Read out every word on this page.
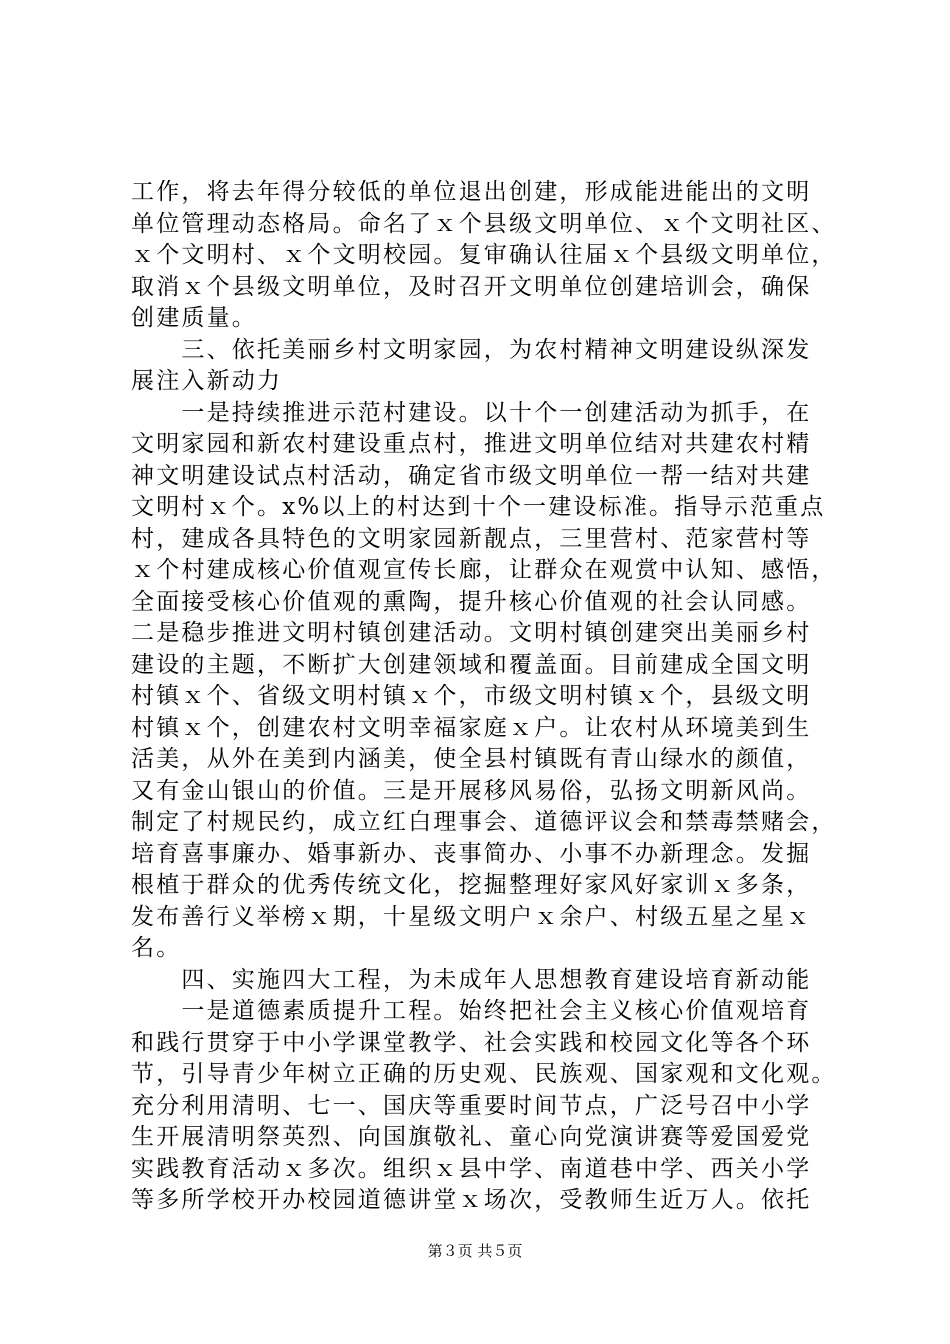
工作，将去年得分较低的单位退出创建，形成能进能出的文明
单位管理动态格局。命名了ｘ个县级文明单位、ｘ个文明社区、
ｘ个文明村、ｘ个文明校园。复审确认往届ｘ个县级文明单位，
取消ｘ个县级文明单位，及时召开文明单位创建培训会，确保
创建质量。
　　三、依托美丽乡村文明家园，为农村精神文明建设纵深发
展注入新动力
　　一是持续推进示范村建设。以十个一创建活动为抓手，在
文明家园和新农村建设重点村，推进文明单位结对共建农村精
神文明建设试点村活动，确定省市级文明单位一帮一结对共建
文明村ｘ个。x%以上的村达到十个一建设标准。指导示范重点
村，建成各具特色的文明家园新靓点，三里营村、范家营村等
ｘ个村建成核心价值观宣传长廊，让群众在观赏中认知、感悟，
全面接受核心价值观的熏陶，提升核心价值观的社会认同感。
二是稳步推进文明村镇创建活动。文明村镇创建突出美丽乡村
建设的主题，不断扩大创建领域和覆盖面。目前建成全国文明
村镇ｘ个、省级文明村镇ｘ个，市级文明村镇ｘ个，县级文明
村镇ｘ个，创建农村文明幸福家庭ｘ户。让农村从环境美到生
活美，从外在美到内涵美，使全县村镇既有青山绿水的颜值，
又有金山银山的价值。三是开展移风易俗，弘扬文明新风尚。
制定了村规民约，成立红白理事会、道德评议会和禁毒禁赌会，
培育喜事廉办、婚事新办、丧事简办、小事不办新理念。发掘
根植于群众的优秀传统文化，挖掘整理好家风好家训ｘ多条，
发布善行义举榜ｘ期，十星级文明户ｘ余户、村级五星之星ｘ
名。
　　四、实施四大工程，为未成年人思想教育建设培育新动能
　　一是道德素质提升工程。始终把社会主义核心价值观培育
和践行贯穿于中小学课堂教学、社会实践和校园文化等各个环
节，引导青少年树立正确的历史观、民族观、国家观和文化观。
充分利用清明、七一、国庆等重要时间节点，广泛号召中小学
生开展清明祭英烈、向国旗敬礼、童心向党演讲赛等爱国爱党
实践教育活动ｘ多次。组织ｘ县中学、南道巷中学、西关小学
等多所学校开办校园道德讲堂ｘ场次，受教师生近万人。依托
第３页 共５页
